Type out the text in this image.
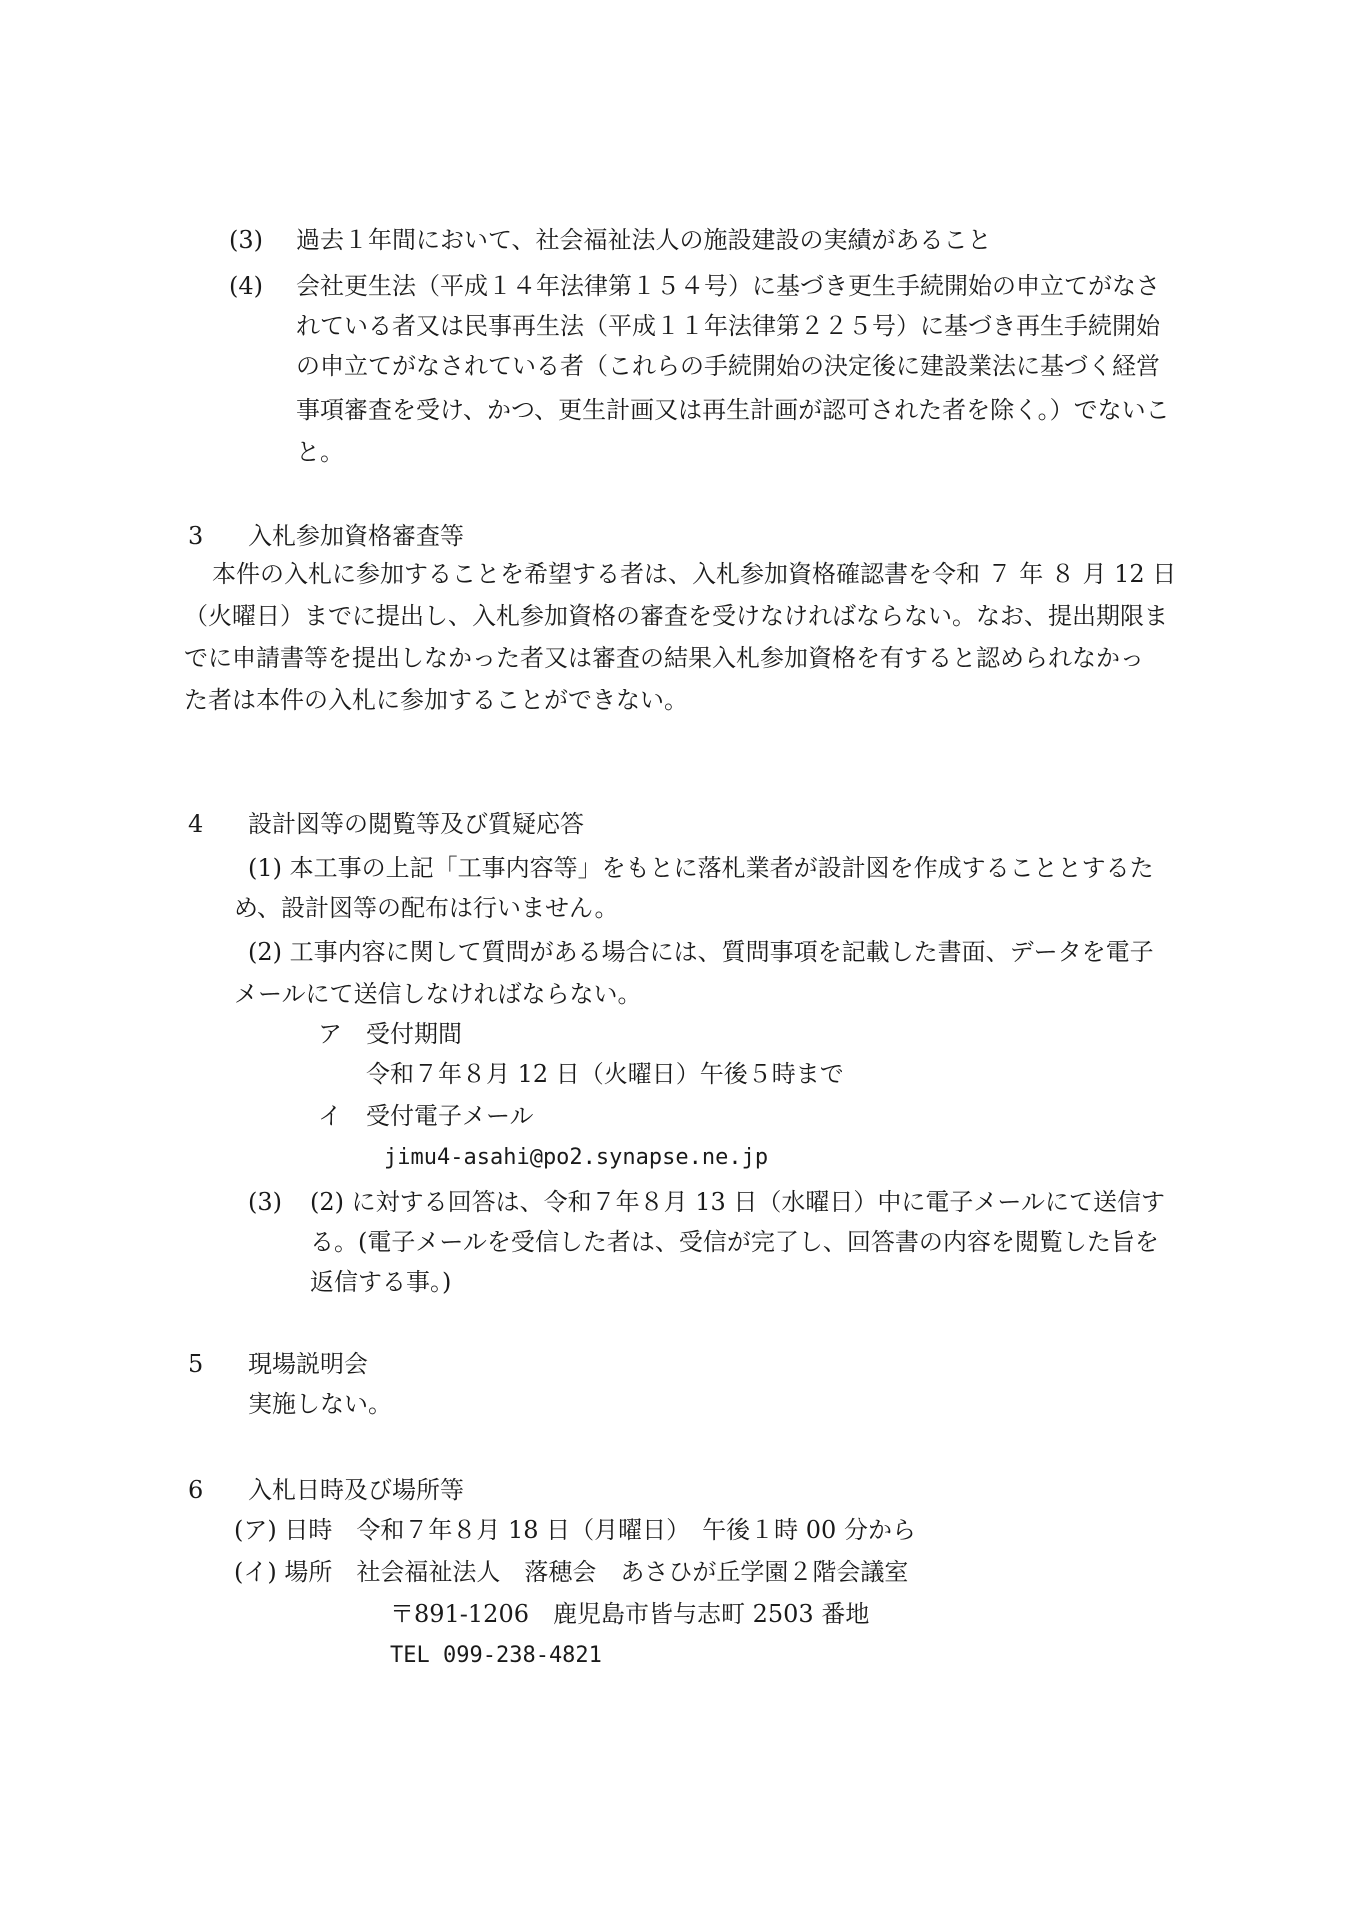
(3) 過去１年間において、社会福祉法人の施設建設の実績があること
(4) 会社更生法（平成１４年法律第１５４号）に基づき更生手続開始の申立てがなさ
れている者又は民事再生法（平成１１年法律第２２５号）に基づき再生手続開始
の申立てがなされている者（これらの手続開始の決定後に建設業法に基づく経営
事項審査を受け、かつ、更生計画又は再生計画が認可された者を除く。）でないこ
と。
3 入札参加資格審査等
本件の入札に参加することを希望する者は、入札参加資格確認書を令和 ７ 年 ８ 月 12 日
（火曜日）までに提出し、入札参加資格の審査を受けなければならない。なお、提出期限ま
でに申請書等を提出しなかった者又は審査の結果入札参加資格を有すると認められなかっ
た者は本件の入札に参加することができない。
4 設計図等の閲覧等及び質疑応答
(1) 本工事の上記「工事内容等」をもとに落札業者が設計図を作成することとするた
め、設計図等の配布は行いません。
(2) 工事内容に関して質問がある場合には、質問事項を記載した書面、データを電子
メールにて送信しなければならない。
ア　受付期間
令和７年８月 12 日（火曜日）午後５時まで
イ　受付電子メール
jimu4-asahi@po2.synapse.ne.jp
(3) (2) に対する回答は、令和７年８月 13 日（水曜日）中に電子メールにて送信す
る。(電子メールを受信した者は、受信が完了し、回答書の内容を閲覧した旨を
返信する事。)
5 現場説明会
実施しない。
6 入札日時及び場所等
(ア) 日時　令和７年８月 18 日（月曜日）　午後１時 00 分から
(イ) 場所　社会福祉法人　落穂会　あさひが丘学園２階会議室
〒891-1206　鹿児島市皆与志町 2503 番地
TEL 099-238-4821
